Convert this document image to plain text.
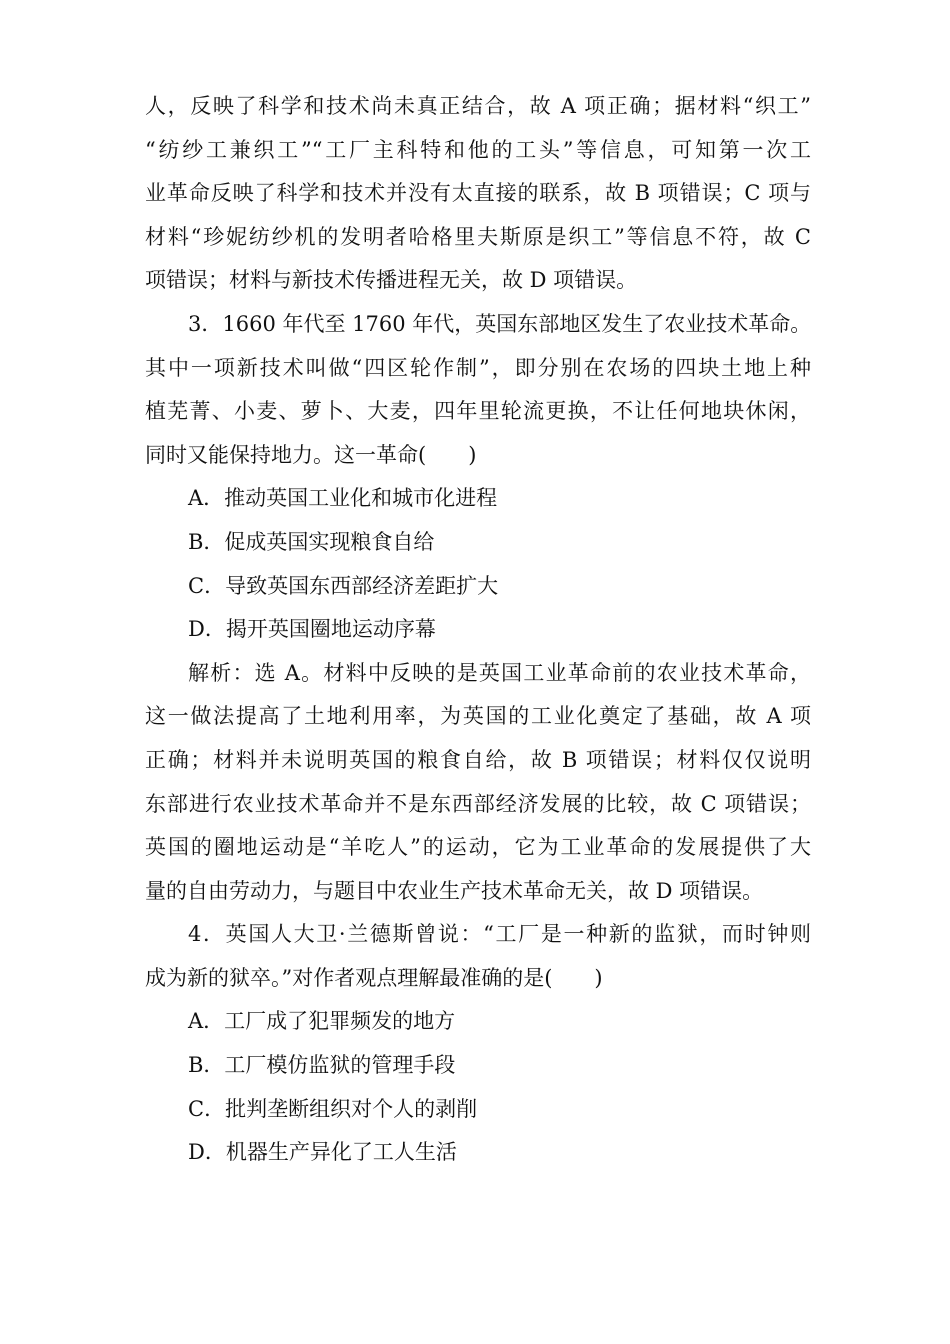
人，反映了科学和技术尚未真正结合，故 A 项正确；据材料“织工”
“纺纱工兼织工”“工厂主科特和他的工头”等信息，可知第一次工
业革命反映了科学和技术并没有太直接的联系，故 B 项错误；C 项与
材料“珍妮纺纱机的发明者哈格里夫斯原是织工”等信息不符，故 C
项错误；材料与新技术传播进程无关，故 D 项错误。
3．1660 年代至 1760 年代，英国东部地区发生了农业技术革命。
其中一项新技术叫做“四区轮作制”，即分别在农场的四块土地上种
植芜菁、小麦、萝卜、大麦，四年里轮流更换，不让任何地块休闲，
同时又能保持地力。这一革命(　　)
A．推动英国工业化和城市化进程
B．促成英国实现粮食自给
C．导致英国东西部经济差距扩大
D．揭开英国圈地运动序幕
解析：选 A。材料中反映的是英国工业革命前的农业技术革命，
这一做法提高了土地利用率，为英国的工业化奠定了基础，故 A 项
正确；材料并未说明英国的粮食自给，故 B 项错误；材料仅仅说明
东部进行农业技术革命并不是东西部经济发展的比较，故 C 项错误；
英国的圈地运动是“羊吃人”的运动，它为工业革命的发展提供了大
量的自由劳动力，与题目中农业生产技术革命无关，故 D 项错误。
4．英国人大卫·兰德斯曾说：“工厂是一种新的监狱，而时钟则
成为新的狱卒。”对作者观点理解最准确的是(　　)
A．工厂成了犯罪频发的地方
B．工厂模仿监狱的管理手段
C．批判垄断组织对个人的剥削
D．机器生产异化了工人生活
